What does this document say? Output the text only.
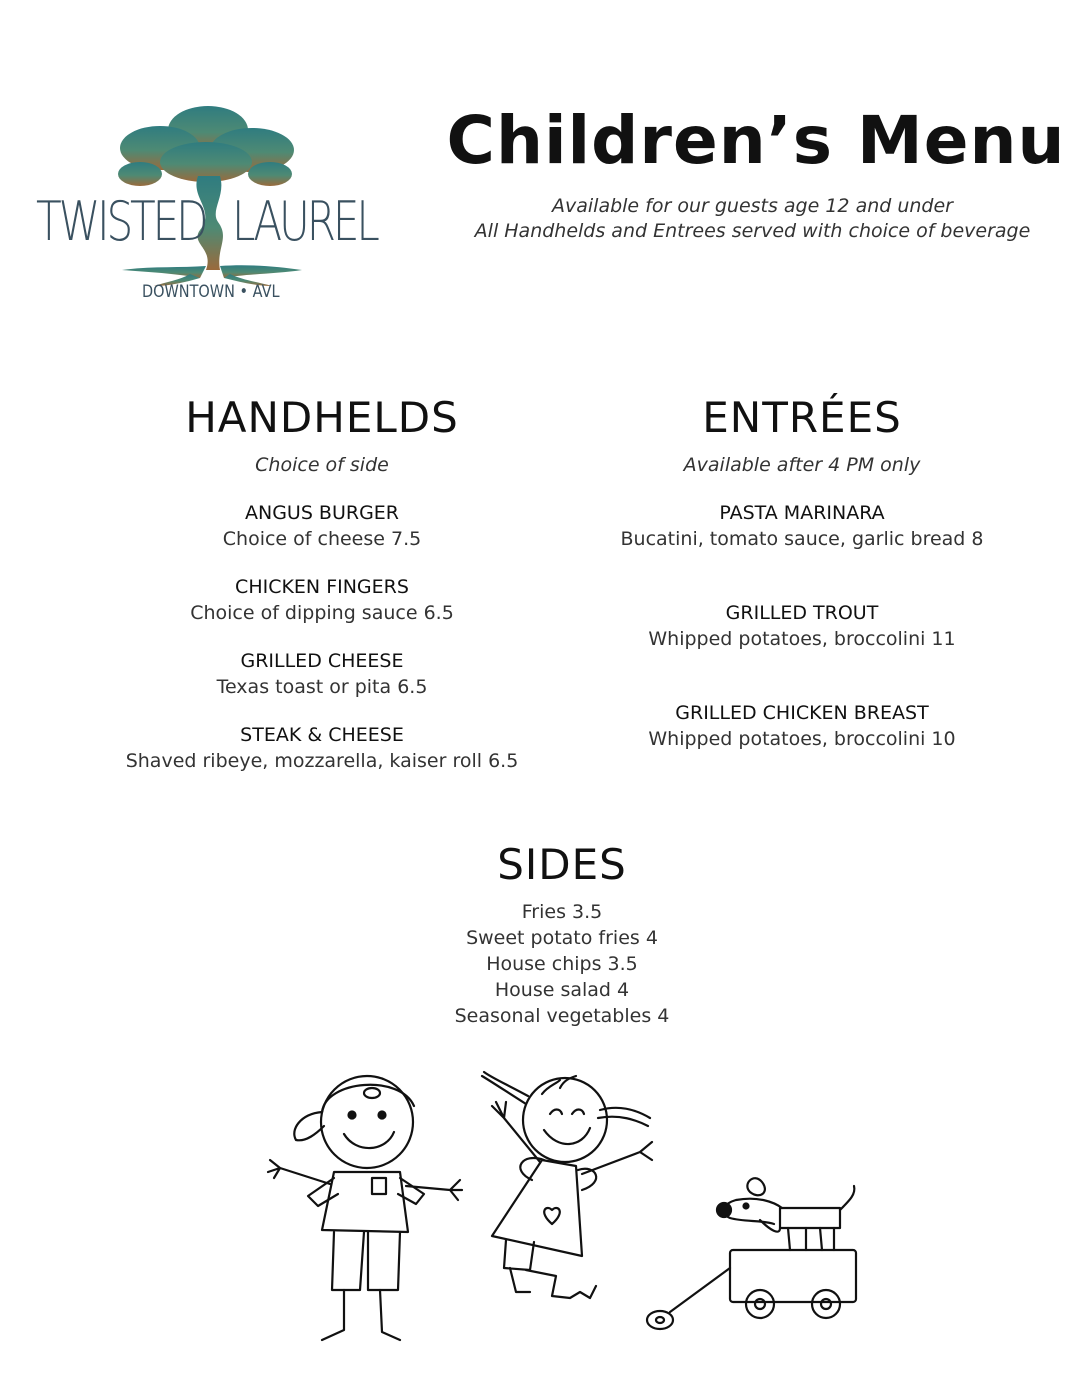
TWISTED LAUREL
DOWNTOWN • AVL
Children’s Menu
Available for our guests age 12 and under
All Handhelds and Entrees served with choice of beverage
HANDHELDS
Choice of side
ANGUS BURGER
Choice of cheese 7.5
CHICKEN FINGERS
Choice of dipping sauce 6.5
GRILLED CHEESE
Texas toast or pita 6.5
STEAK & CHEESE
Shaved ribeye, mozzarella, kaiser roll 6.5
ENTRÉES
Available after 4 PM only
PASTA MARINARA
Bucatini, tomato sauce, garlic bread 8
GRILLED TROUT
Whipped potatoes, broccolini 11
GRILLED CHICKEN BREAST
Whipped potatoes, broccolini 10
SIDES
Fries 3.5
Sweet potato fries 4
House chips 3.5
House salad 4
Seasonal vegetables 4
